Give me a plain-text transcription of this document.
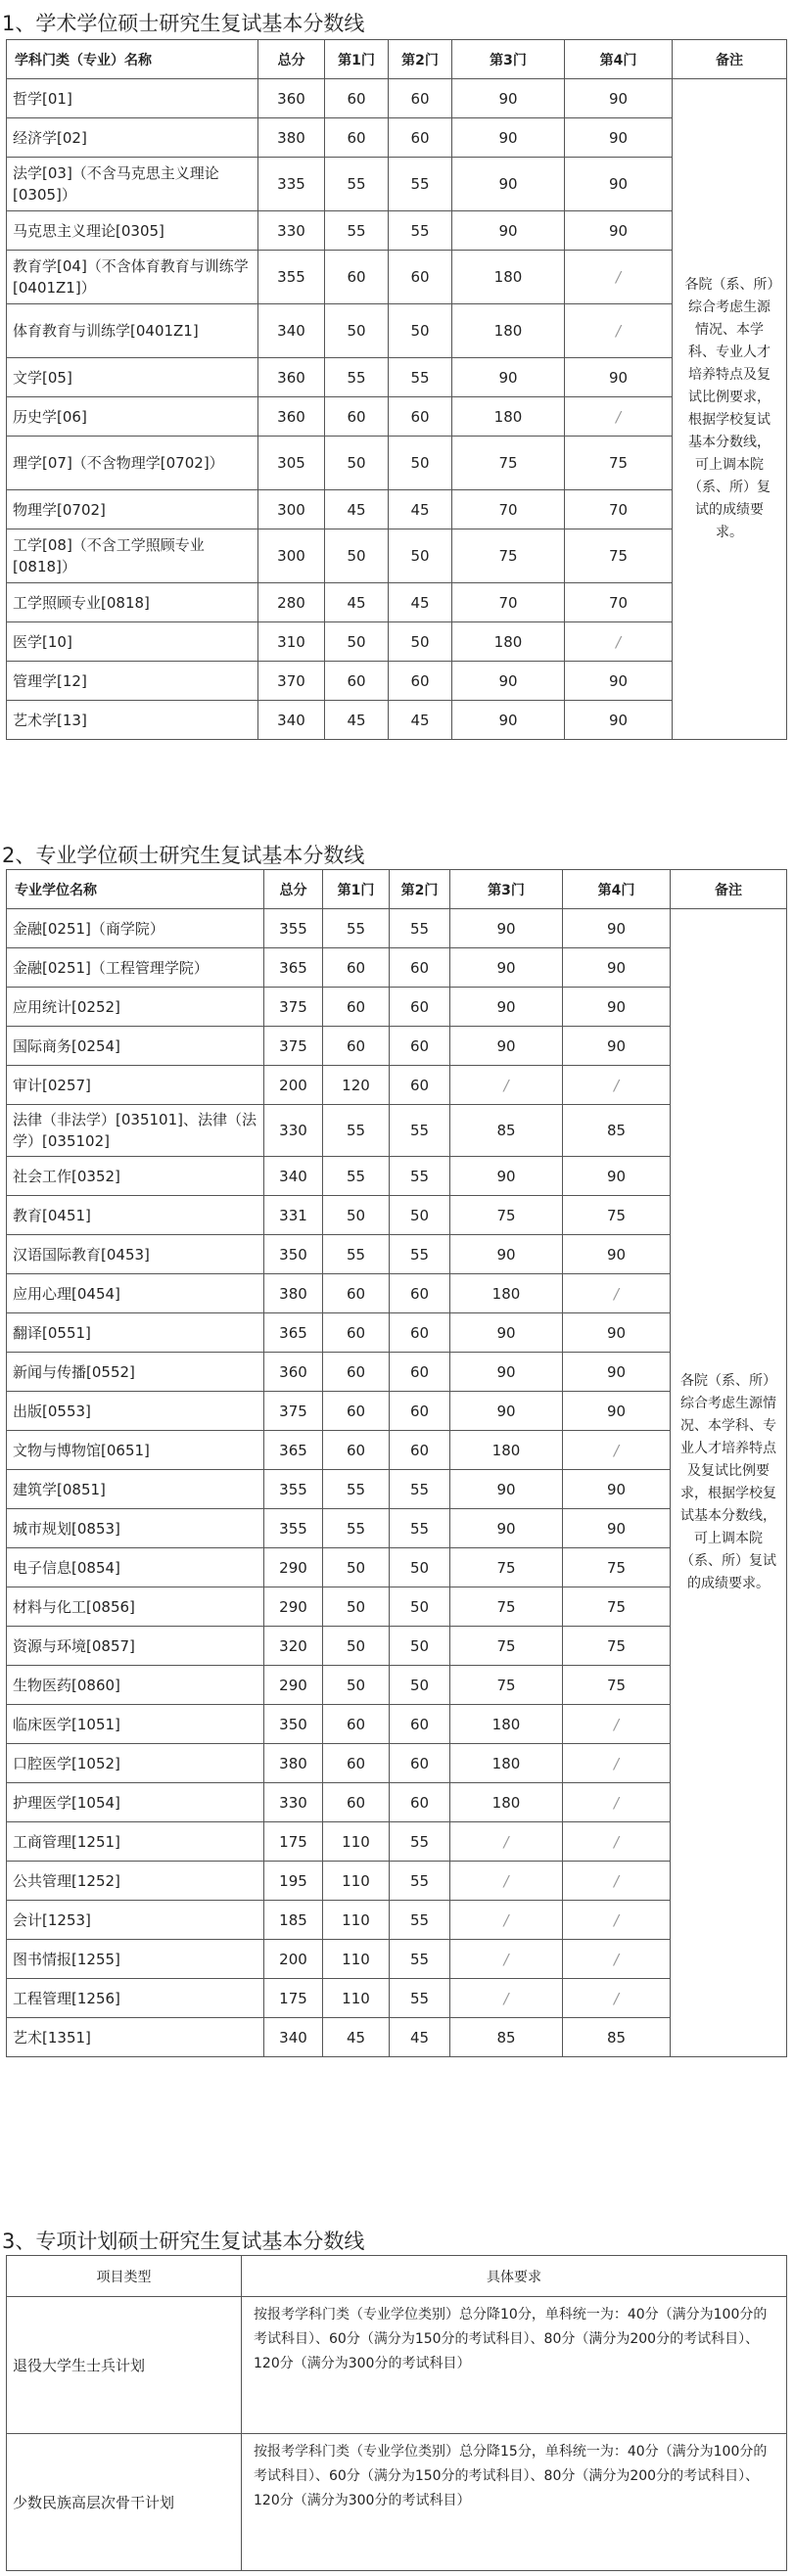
1、学术学位硕士研究生复试基本分数线
学科门类（专业）名称	总分	第1门	第2门	第3门	第4门	备注
哲学[01]	360	60	60	90	90	各院（系、所）综合考虑生源情况、本学科、专业人才培养特点及复试比例要求，根据学校复试基本分数线，可上调本院（系、所）复试的成绩要求。
经济学[02]	380	60	60	90	90	
法学[03]（不含马克思主义理论[0305]）	335	55	55	90	90	
马克思主义理论[0305]	330	55	55	90	90	
教育学[04]（不含体育教育与训练学[0401Z1]）	355	60	60	180	/	
体育教育与训练学[0401Z1]	340	50	50	180	/	
文学[05]	360	55	55	90	90	
历史学[06]	360	60	60	180	/	
理学[07]（不含物理学[0702]）	305	50	50	75	75	
物理学[0702]	300	45	45	70	70	
工学[08]（不含工学照顾专业[0818]）	300	50	50	75	75	
工学照顾专业[0818]	280	45	45	70	70	
医学[10]	310	50	50	180	/	
管理学[12]	370	60	60	90	90	
艺术学[13]	340	45	45	90	90	
2、专业学位硕士研究生复试基本分数线
专业学位名称	总分	第1门	第2门	第3门	第4门	备注
金融[0251]（商学院）	355	55	55	90	90	各院（系、所）综合考虑生源情况、本学科、专业人才培养特点及复试比例要求，根据学校复试基本分数线，可上调本院（系、所）复试的成绩要求。
金融[0251]（工程管理学院）	365	60	60	90	90	
应用统计[0252]	375	60	60	90	90	
国际商务[0254]	375	60	60	90	90	
审计[0257]	200	120	60	/	/	
法律（非法学）[035101]、法律（法学）[035102]	330	55	55	85	85	
社会工作[0352]	340	55	55	90	90	
教育[0451]	331	50	50	75	75	
汉语国际教育[0453]	350	55	55	90	90	
应用心理[0454]	380	60	60	180	/	
翻译[0551]	365	60	60	90	90	
新闻与传播[0552]	360	60	60	90	90	
出版[0553]	375	60	60	90	90	
文物与博物馆[0651]	365	60	60	180	/	
建筑学[0851]	355	55	55	90	90	
城市规划[0853]	355	55	55	90	90	
电子信息[0854]	290	50	50	75	75	
材料与化工[0856]	290	50	50	75	75	
资源与环境[0857]	320	50	50	75	75	
生物医药[0860]	290	50	50	75	75	
临床医学[1051]	350	60	60	180	/	
口腔医学[1052]	380	60	60	180	/	
护理医学[1054]	330	60	60	180	/	
工商管理[1251]	175	110	55	/	/	
公共管理[1252]	195	110	55	/	/	
会计[1253]	185	110	55	/	/	
图书情报[1255]	200	110	55	/	/	
工程管理[1256]	175	110	55	/	/	
艺术[1351]	340	45	45	85	85	
3、专项计划硕士研究生复试基本分数线
项目类型	具体要求
退役大学生士兵计划	按报考学科门类（专业学位类别）总分降10分，单科统一为：40分（满分为100分的考试科目）、60分（满分为150分的考试科目）、80分（满分为200分的考试科目）、120分（满分为300分的考试科目）
少数民族高层次骨干计划	按报考学科门类（专业学位类别）总分降15分，单科统一为：40分（满分为100分的考试科目）、60分（满分为150分的考试科目）、80分（满分为200分的考试科目）、120分（满分为300分的考试科目）
